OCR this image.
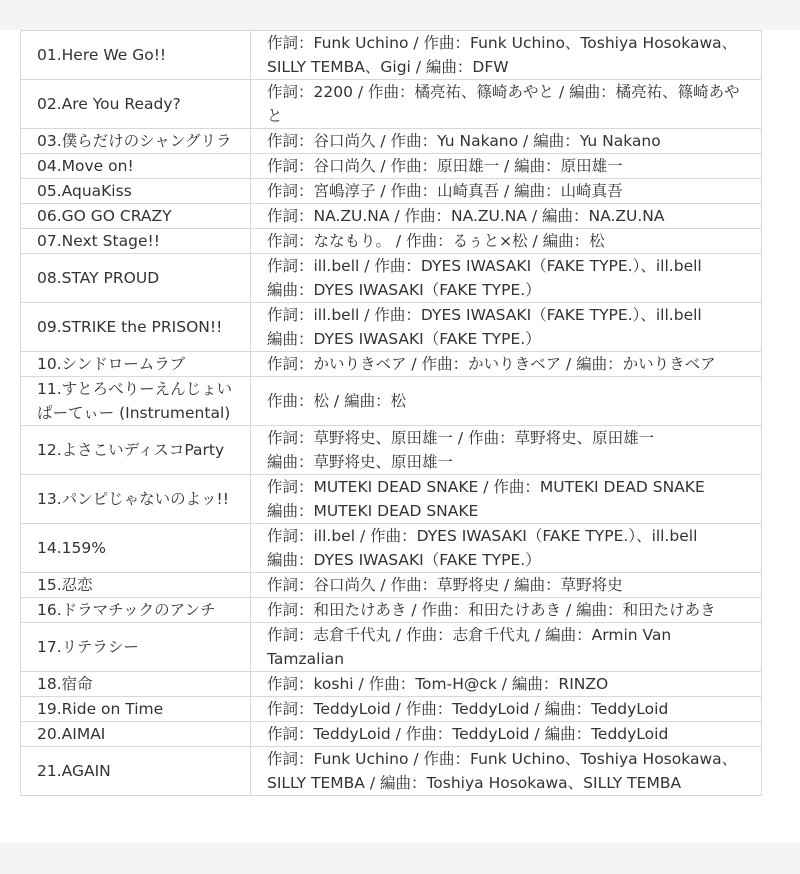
01.Here We Go!!	作詞：Funk Uchino / 作曲：Funk Uchino、Toshiya Hosokawa、SILLY TEMBA、Gigi / 編曲：DFW

02.Are You Ready?	作詞：2200 / 作曲：橘亮祐、篠崎あやと / 編曲：橘亮祐、篠崎あやと

03.僕らだけのシャングリラ	作詞：谷口尚久 / 作曲：Yu Nakano / 編曲：Yu Nakano

04.Move on!	作詞：谷口尚久 / 作曲：原田雄一 / 編曲：原田雄一

05.AquaKiss	作詞：宮嶋淳子 / 作曲：山崎真吾 / 編曲：山崎真吾

06.GO GO CRAZY	作詞：NA.ZU.NA / 作曲：NA.ZU.NA / 編曲：NA.ZU.NA

07.Next Stage!!	作詞：ななもり。 / 作曲：るぅと×松 / 編曲：松

08.STAY PROUD	作詞：ill.bell / 作曲：DYES IWASAKI（FAKE TYPE.）、ill.bell
編曲：DYES IWASAKI（FAKE TYPE.）

09.STRIKE the PRISON!!	作詞：ill.bell / 作曲：DYES IWASAKI（FAKE TYPE.）、ill.bell
編曲：DYES IWASAKI（FAKE TYPE.）

10.シンドロームラブ	作詞：かいりきベア / 作曲：かいりきベア / 編曲：かいりきベア

11.すとろべりーえんじょいぱーてぃー (Instrumental)	作曲：松 / 編曲：松

12.よさこいディスコParty	作詞：草野将史、原田雄一 / 作曲：草野将史、原田雄一
編曲：草野将史、原田雄一

13.パンピじゃないのよッ!!	作詞：MUTEKI DEAD SNAKE / 作曲：MUTEKI DEAD SNAKE
編曲：MUTEKI DEAD SNAKE

14.159%	作詞：ill.bel / 作曲：DYES IWASAKI（FAKE TYPE.）、ill.bell
編曲：DYES IWASAKI（FAKE TYPE.）

15.忍恋	作詞：谷口尚久 / 作曲：草野将史 / 編曲：草野将史

16.ドラマチックのアンチ	作詞：和田たけあき / 作曲：和田たけあき / 編曲：和田たけあき

17.リテラシー	作詞：志倉千代丸 / 作曲：志倉千代丸 / 編曲：Armin Van Tamzalian

18.宿命	作詞：koshi / 作曲：Tom-H@ck / 編曲：RINZO

19.Ride on Time	作詞：TeddyLoid / 作曲：TeddyLoid / 編曲：TeddyLoid

20.AIMAI	作詞：TeddyLoid / 作曲：TeddyLoid / 編曲：TeddyLoid

21.AGAIN	作詞：Funk Uchino / 作曲：Funk Uchino、Toshiya Hosokawa、SILLY TEMBA / 編曲：Toshiya Hosokawa、SILLY TEMBA
